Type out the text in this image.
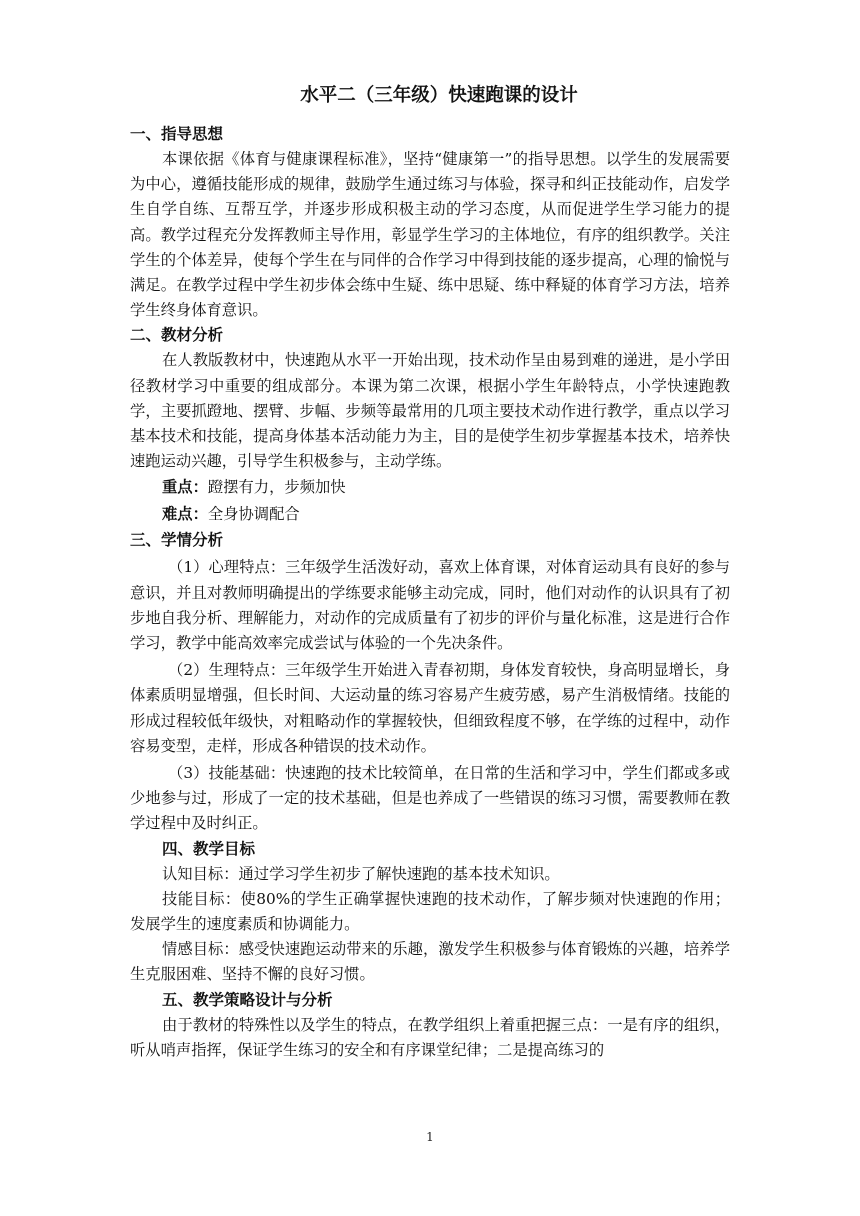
水平二（三年级）快速跑课的设计
一、指导思想

本课依据《体育与健康课程标准》，坚持“健康第一”的指导思想。以学生的发展需要为中心，遵循技能形成的规律，鼓励学生通过练习与体验，探寻和纠正技能动作，启发学生自学自练、互帮互学，并逐步形成积极主动的学习态度，从而促进学生学习能力的提高。教学过程充分发挥教师主导作用，彰显学生学习的主体地位，有序的组织教学。关注学生的个体差异，使每个学生在与同伴的合作学习中得到技能的逐步提高，心理的愉悦与满足。在教学过程中学生初步体会练中生疑、练中思疑、练中释疑的体育学习方法，培养学生终身体育意识。

二、教材分析

在人教版教材中，快速跑从水平一开始出现，技术动作呈由易到难的递进，是小学田径教材学习中重要的组成部分。本课为第二次课，根据小学生年龄特点，小学快速跑教学，主要抓蹬地、摆臂、步幅、步频等最常用的几项主要技术动作进行教学，重点以学习基本技术和技能，提高身体基本活动能力为主，目的是使学生初步掌握基本技术，培养快速跑运动兴趣，引导学生积极参与，主动学练。

重点：蹬摆有力，步频加快

难点：全身协调配合

三、学情分析

（1）心理特点：三年级学生活泼好动，喜欢上体育课，对体育运动具有良好的参与意识，并且对教师明确提出的学练要求能够主动完成，同时，他们对动作的认识具有了初步地自我分析、理解能力，对动作的完成质量有了初步的评价与量化标准，这是进行合作学习，教学中能高效率完成尝试与体验的一个先决条件。

（2）生理特点：三年级学生开始进入青春初期，身体发育较快，身高明显增长，身体素质明显增强，但长时间、大运动量的练习容易产生疲劳感，易产生消极情绪。技能的形成过程较低年级快，对粗略动作的掌握较快，但细致程度不够，在学练的过程中，动作容易变型，走样，形成各种错误的技术动作。

（3）技能基础：快速跑的技术比较简单，在日常的生活和学习中，学生们都或多或少地参与过，形成了一定的技术基础，但是也养成了一些错误的练习习惯，需要教师在教学过程中及时纠正。

四、教学目标

认知目标：通过学习学生初步了解快速跑的基本技术知识。

技能目标：使80%的学生正确掌握快速跑的技术动作，了解步频对快速跑的作用；发展学生的速度素质和协调能力。

情感目标：感受快速跑运动带来的乐趣，激发学生积极参与体育锻炼的兴趣，培养学生克服困难、坚持不懈的良好习惯。

五、教学策略设计与分析

由于教材的特殊性以及学生的特点，在教学组织上着重把握三点：一是有序的组织，听从哨声指挥，保证学生练习的安全和有序课堂纪律；二是提高练习的

1
